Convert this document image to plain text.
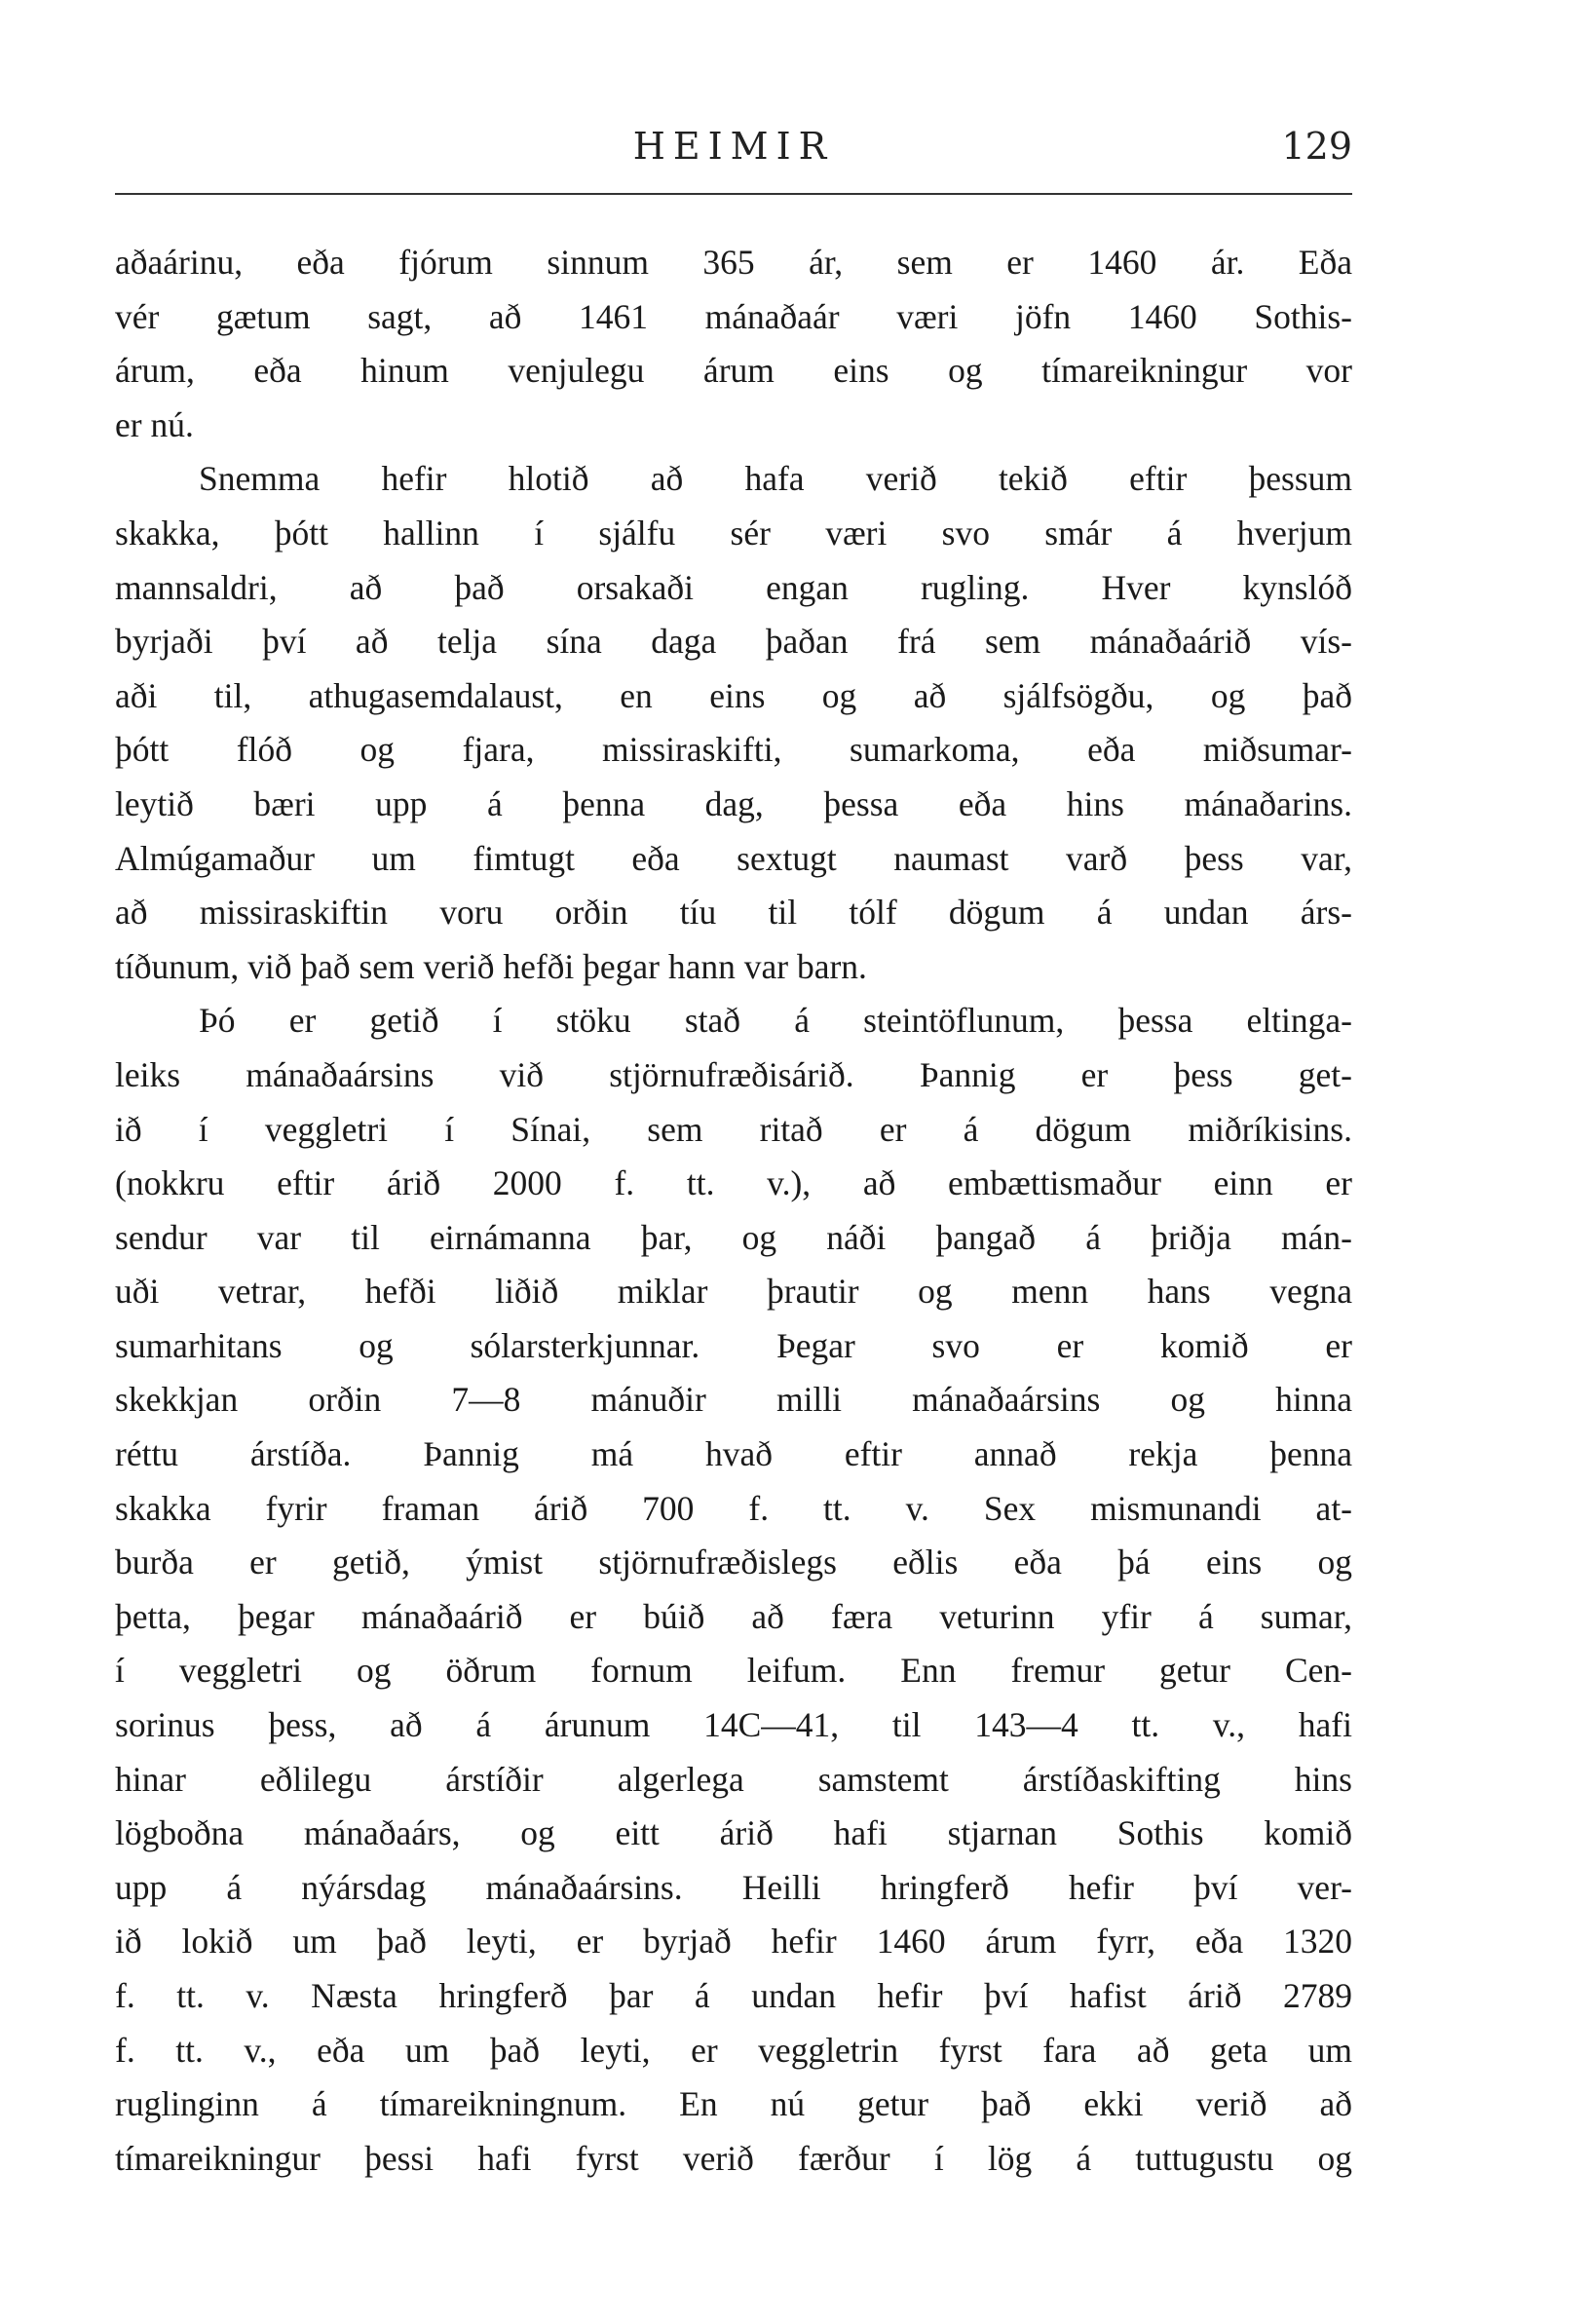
HEIMIR	129
aðaárinu, eða fjórum sinnum 365 ár, sem er 1460 ár. Eða
vér gætum sagt, að 1461 mánaðaár væri jöfn 1460 Sothis-
árum, eða hinum venjulegu árum eins og tímareikningur vor
er nú.
Snemma hefir hlotið að hafa verið tekið eftir þessum
skakka, þótt hallinn í sjálfu sér væri svo smár á hverjum
mannsaldri, að það orsakaði engan rugling. Hver kynslóð
byrjaði því að telja sína daga þaðan frá sem mánaðaárið vís-
aði til, athugasemdalaust, en eins og að sjálfsögðu, og það
þótt flóð og fjara, missiraskifti, sumarkoma, eða miðsumar-
leytið bæri upp á þenna dag, þessa eða hins mánaðarins.
Almúgamaður um fimtugt eða sextugt naumast varð þess var,
að missiraskiftin voru orðin tíu til tólf dögum á undan árs-
tíðunum, við það sem verið hefði þegar hann var barn.
Þó er getið í stöku stað á steintöflunum, þessa eltinga-
leiks mánaðaársins við stjörnufræðisárið. Þannig er þess get-
ið í veggletri í Sínai, sem ritað er á dögum miðríkisins.
(nokkru eftir árið 2000 f. tt. v.), að embættismaður einn er
sendur var til eirnámanna þar, og náði þangað á þriðja mán-
uði vetrar, hefði liðið miklar þrautir og menn hans vegna
sumarhitans og sólarsterkjunnar. Þegar svo er komið er
skekkjan orðin 7—8 mánuðir milli mánaðaársins og hinna
réttu árstíða. Þannig má hvað eftir annað rekja þenna
skakka fyrir framan árið 700 f. tt. v. Sex mismunandi at-
burða er getið, ýmist stjörnufræðislegs eðlis eða þá eins og
þetta, þegar mánaðaárið er búið að færa veturinn yfir á sumar,
í veggletri og öðrum fornum leifum. Enn fremur getur Cen-
sorinus þess, að á árunum 14C—41, til 143—4 tt. v., hafi
hinar eðlilegu árstíðir algerlega samstemt árstíðaskifting hins
lögboðna mánaðaárs, og eitt árið hafi stjarnan Sothis komið
upp á nýársdag mánaðaársins. Heilli hringferð hefir því ver-
ið lokið um það leyti, er byrjað hefir 1460 árum fyrr, eða 1320
f. tt. v. Næsta hringferð þar á undan hefir því hafist árið 2789
f. tt. v., eða um það leyti, er veggletrin fyrst fara að geta um
ruglinginn á tímareikningnum. En nú getur það ekki verið að
tímareikningur þessi hafi fyrst verið færður í lög á tuttugustu og
